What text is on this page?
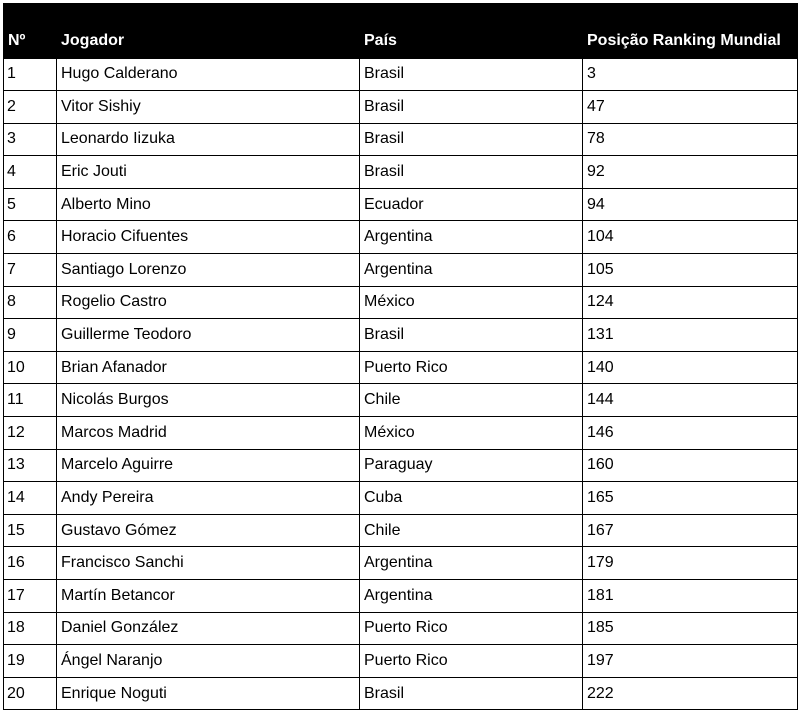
Nº	Jogador	País	Posição Ranking Mundial
1	Hugo Calderano	Brasil	3
2	Vitor Sishiy	Brasil	47
3	Leonardo Iizuka	Brasil	78
4	Eric Jouti	Brasil	92
5	Alberto Mino	Ecuador	94
6	Horacio Cifuentes	Argentina	104
7	Santiago Lorenzo	Argentina	105
8	Rogelio Castro	México	124
9	Guillerme Teodoro	Brasil	131
10	Brian Afanador	Puerto Rico	140
11	Nicolás Burgos	Chile	144
12	Marcos Madrid	México	146
13	Marcelo Aguirre	Paraguay	160
14	Andy Pereira	Cuba	165
15	Gustavo Gómez	Chile	167
16	Francisco Sanchi	Argentina	179
17	Martín Betancor	Argentina	181
18	Daniel González	Puerto Rico	185
19	Ángel Naranjo	Puerto Rico	197
20	Enrique Noguti	Brasil	222
